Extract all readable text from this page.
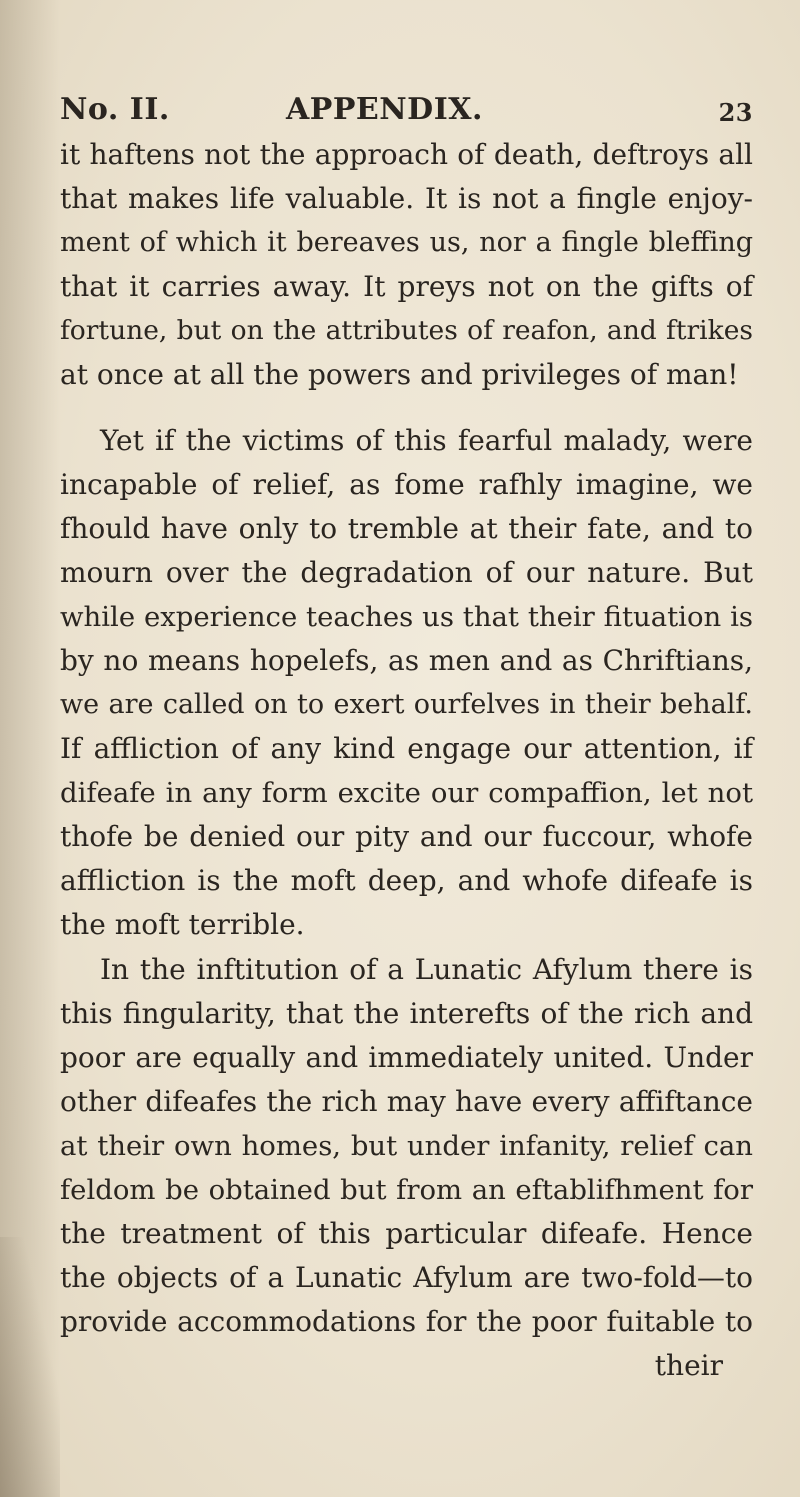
No. II.	APPENDIX.	23

it haftens not the approach of death, deftroys all
that makes life valuable. It is not a fingle enjoy-
ment of which it bereaves us, nor a fingle bleffing
that it carries away. It preys not on the gifts of
fortune, but on the attributes of reafon, and ftrikes
at once at all the powers and privileges of man!

Yet if the victims of this fearful malady, were
incapable of relief, as fome rafhly imagine, we
fhould have only to tremble at their fate, and to
mourn over the degradation of our nature. But
while experience teaches us that their fituation is
by no means hopelefs, as men and as Chriftians,
we are called on to exert ourfelves in their behalf.
If affliction of any kind engage our attention, if
difeafe in any form excite our compaffion, let not
thofe be denied our pity and our fuccour, whofe
affliction is the moft deep, and whofe difeafe is
the moft terrible.

In the inftitution of a Lunatic Afylum there is
this fingularity, that the interefts of the rich and
poor are equally and immediately united. Under
other difeafes the rich may have every affiftance
at their own homes, but under infanity, relief can
feldom be obtained but from an eftablifhment for
the treatment of this particular difeafe. Hence
the objects of a Lunatic Afylum are two-fold—to
provide accommodations for the poor fuitable to
their
